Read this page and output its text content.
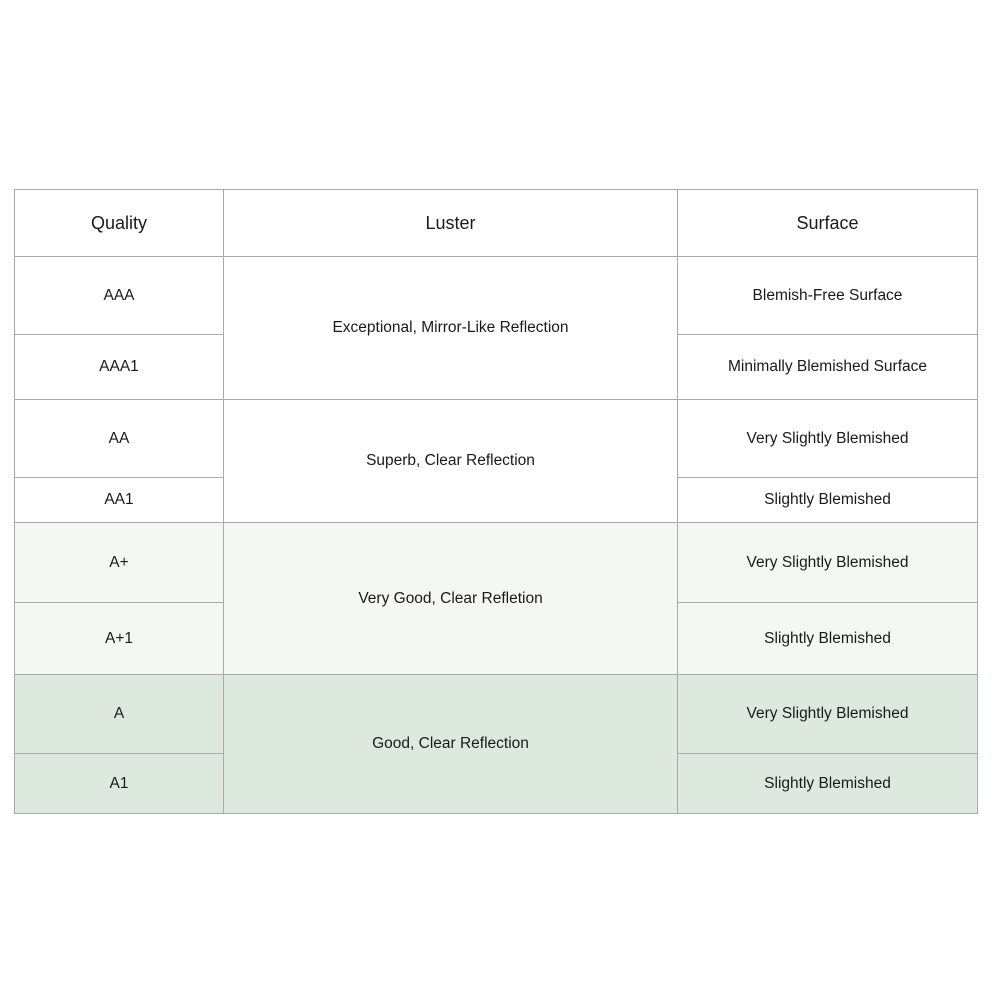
Quality	Luster	Surface
AAA	Exceptional, Mirror-Like Reflection	Blemish-Free Surface
AAA1		Minimally Blemished Surface
AA	Superb, Clear Reflection	Very Slightly Blemished
AA1		Slightly Blemished
A+	Very Good, Clear Refletion	Very Slightly Blemished
A+1		Slightly Blemished
A	Good, Clear Reflection	Very Slightly Blemished
A1		Slightly Blemished
